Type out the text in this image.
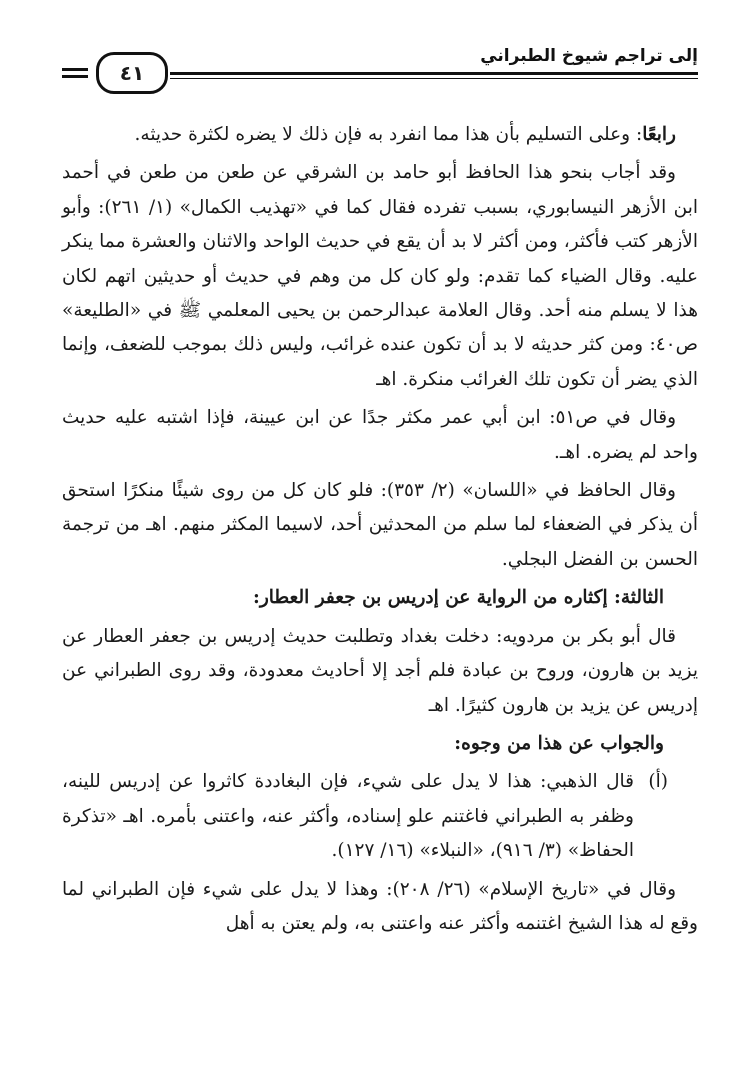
إلى تراجم شيوخ الطبراني
٤١

رابعًا: وعلى التسليم بأن هذا مما انفرد به فإن ذلك لا يضره لكثرة حديثه.

وقد أجاب بنحو هذا الحافظ أبو حامد بن الشرقي عن طعن من طعن في أحمد ابن الأزهر النيسابوري، بسبب تفرده فقال كما في «تهذيب الكمال» (١/ ٢٦١): وأبو الأزهر كتب فأكثر، ومن أكثر لا بد أن يقع في حديث الواحد والاثنان والعشرة مما ينكر عليه. وقال الضياء كما تقدم: ولو كان كل من وهم في حديث أو حديثين اتهم لكان هذا لا يسلم منه أحد. وقال العلامة عبدالرحمن بن يحيى المعلمي ﷺ في «الطليعة» ص٤٠: ومن كثر حديثه لا بد أن تكون عنده غرائب، وليس ذلك بموجب للضعف، وإنما الذي يضر أن تكون تلك الغرائب منكرة. اهـ

وقال في ص٥١: ابن أبي عمر مكثر جدًا عن ابن عيينة، فإذا اشتبه عليه حديث واحد لم يضره. اهـ.

وقال الحافظ في «اللسان» (٢/ ٣٥٣): فلو كان كل من روى شيئًا منكرًا استحق أن يذكر في الضعفاء لما سلم من المحدثين أحد، لاسيما المكثر منهم. اهـ من ترجمة الحسن بن الفضل البجلي.

الثالثة: إكثاره من الرواية عن إدريس بن جعفر العطار:

قال أبو بكر بن مردويه: دخلت بغداد وتطلبت حديث إدريس بن جعفر العطار عن يزيد بن هارون، وروح بن عبادة فلم أجد إلا أحاديث معدودة، وقد روى الطبراني عن إدريس عن يزيد بن هارون كثيرًا. اهـ

والجواب عن هذا من وجوه:

(أ)
قال الذهبي: هذا لا يدل على شيء، فإن البغاددة كاثروا عن إدريس للينه، وظفر به الطبراني فاغتنم علو إسناده، وأكثر عنه، واعتنى بأمره. اهـ «تذكرة الحفاظ» (٣/ ٩١٦)، «النبلاء» (١٦/ ١٢٧).

وقال في «تاريخ الإسلام» (٢٦/ ٢٠٨): وهذا لا يدل على شيء فإن الطبراني لما وقع له هذا الشيخ اغتنمه وأكثر عنه واعتنى به، ولم يعتن به أهل
